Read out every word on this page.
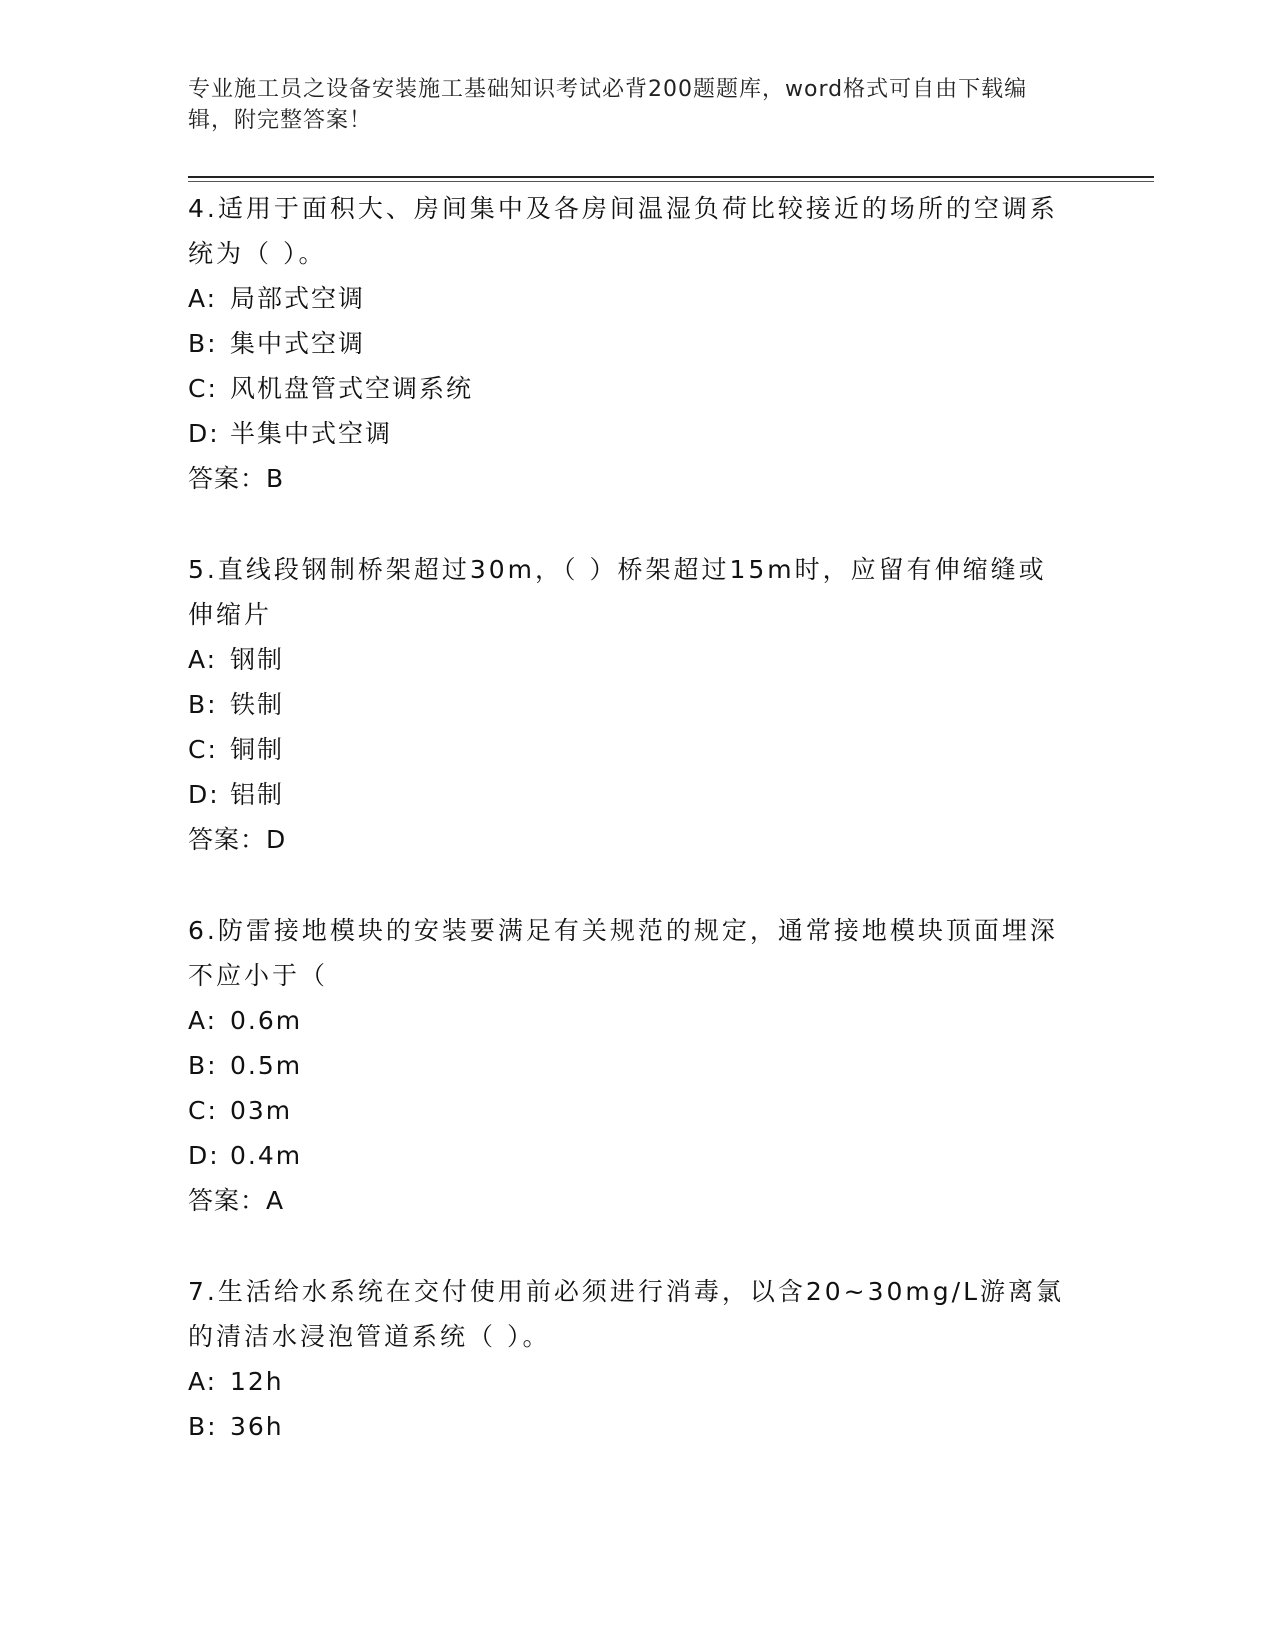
专业施工员之设备安装施工基础知识考试必背200题题库，word格式可自由下载编辑，附完整答案！

4.适用于面积大、房间集中及各房间温湿负荷比较接近的场所的空调系统为（ ）。

A: 局部式空调
B: 集中式空调
C: 风机盘管式空调系统
D: 半集中式空调
答案：B

5.直线段钢制桥架超过30m，（ ）桥架超过15m时，应留有伸缩缝或伸缩片

A: 钢制
B: 铁制
C: 铜制
D: 铝制
答案：D

6.防雷接地模块的安装要满足有关规范的规定，通常接地模块顶面埋深不应小于（

A: 0.6m
B: 0.5m
C: 03m
D: 0.4m
答案：A

7.生活给水系统在交付使用前必须进行消毒，以含20~30mg/L游离氯的清洁水浸泡管道系统（ ）。

A: 12h
B: 36h
